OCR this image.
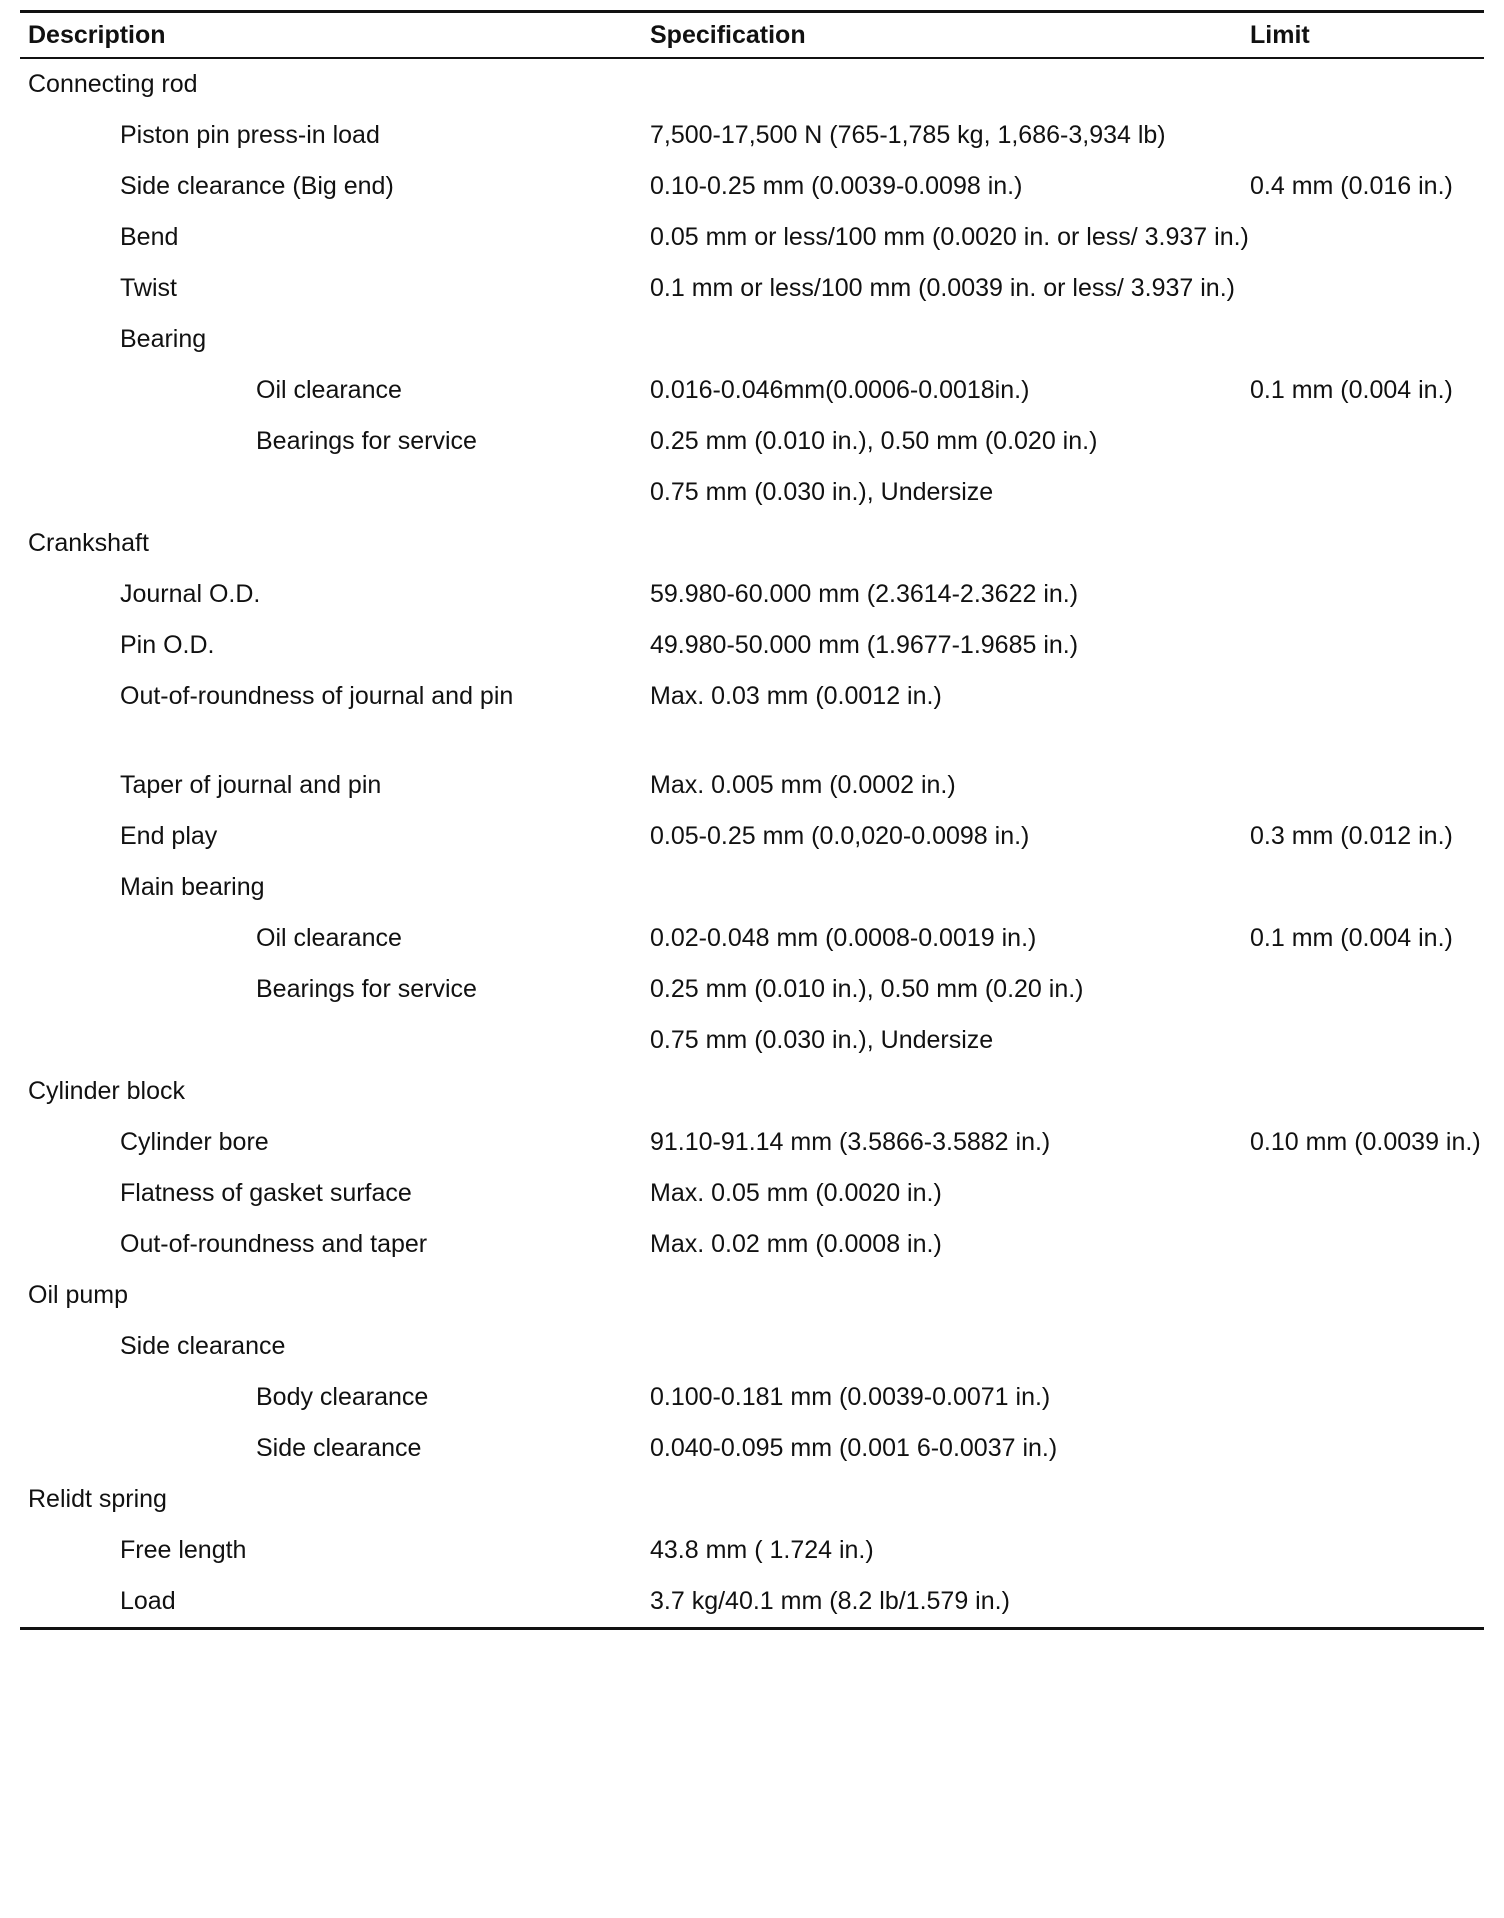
Description	Specification	Limit
Connecting rod
Piston pin press-in load	7,500-17,500 N (765-1,785 kg, 1,686-3,934 lb)
Side clearance (Big end)	0.10-0.25 mm (0.0039-0.0098 in.)	0.4 mm (0.016 in.)
Bend	0.05 mm or less/100 mm (0.0020 in. or less/ 3.937 in.)
Twist	0.1 mm or less/100 mm (0.0039 in. or less/ 3.937 in.)
Bearing
Oil clearance	0.016-0.046mm(0.0006-0.0018in.)	0.1 mm (0.004 in.)
Bearings for service	0.25 mm (0.010 in.), 0.50 mm (0.020 in.)
0.75 mm (0.030 in.), Undersize
Crankshaft
Journal O.D.	59.980-60.000 mm (2.3614-2.3622 in.)
Pin O.D.	49.980-50.000 mm (1.9677-1.9685 in.)
Out-of-roundness of journal and pin	Max. 0.03 mm (0.0012 in.)
Taper of journal and pin	Max. 0.005 mm (0.0002 in.)
End play	0.05-0.25 mm (0.0,020-0.0098 in.)	0.3 mm (0.012 in.)
Main bearing
Oil clearance	0.02-0.048 mm (0.0008-0.0019 in.)	0.1 mm (0.004 in.)
Bearings for service	0.25 mm (0.010 in.), 0.50 mm (0.20 in.)
0.75 mm (0.030 in.), Undersize
Cylinder block
Cylinder bore	91.10-91.14 mm (3.5866-3.5882 in.)	0.10 mm (0.0039 in.)
Flatness of gasket surface	Max. 0.05 mm (0.0020 in.)
Out-of-roundness and taper	Max. 0.02 mm (0.0008 in.)
Oil pump
Side clearance
Body clearance	0.100-0.181 mm (0.0039-0.0071 in.)
Side clearance	0.040-0.095 mm (0.001 6-0.0037 in.)
Relidt spring
Free length	43.8 mm ( 1.724 in.)
Load	3.7 kg/40.1 mm (8.2 lb/1.579 in.)
